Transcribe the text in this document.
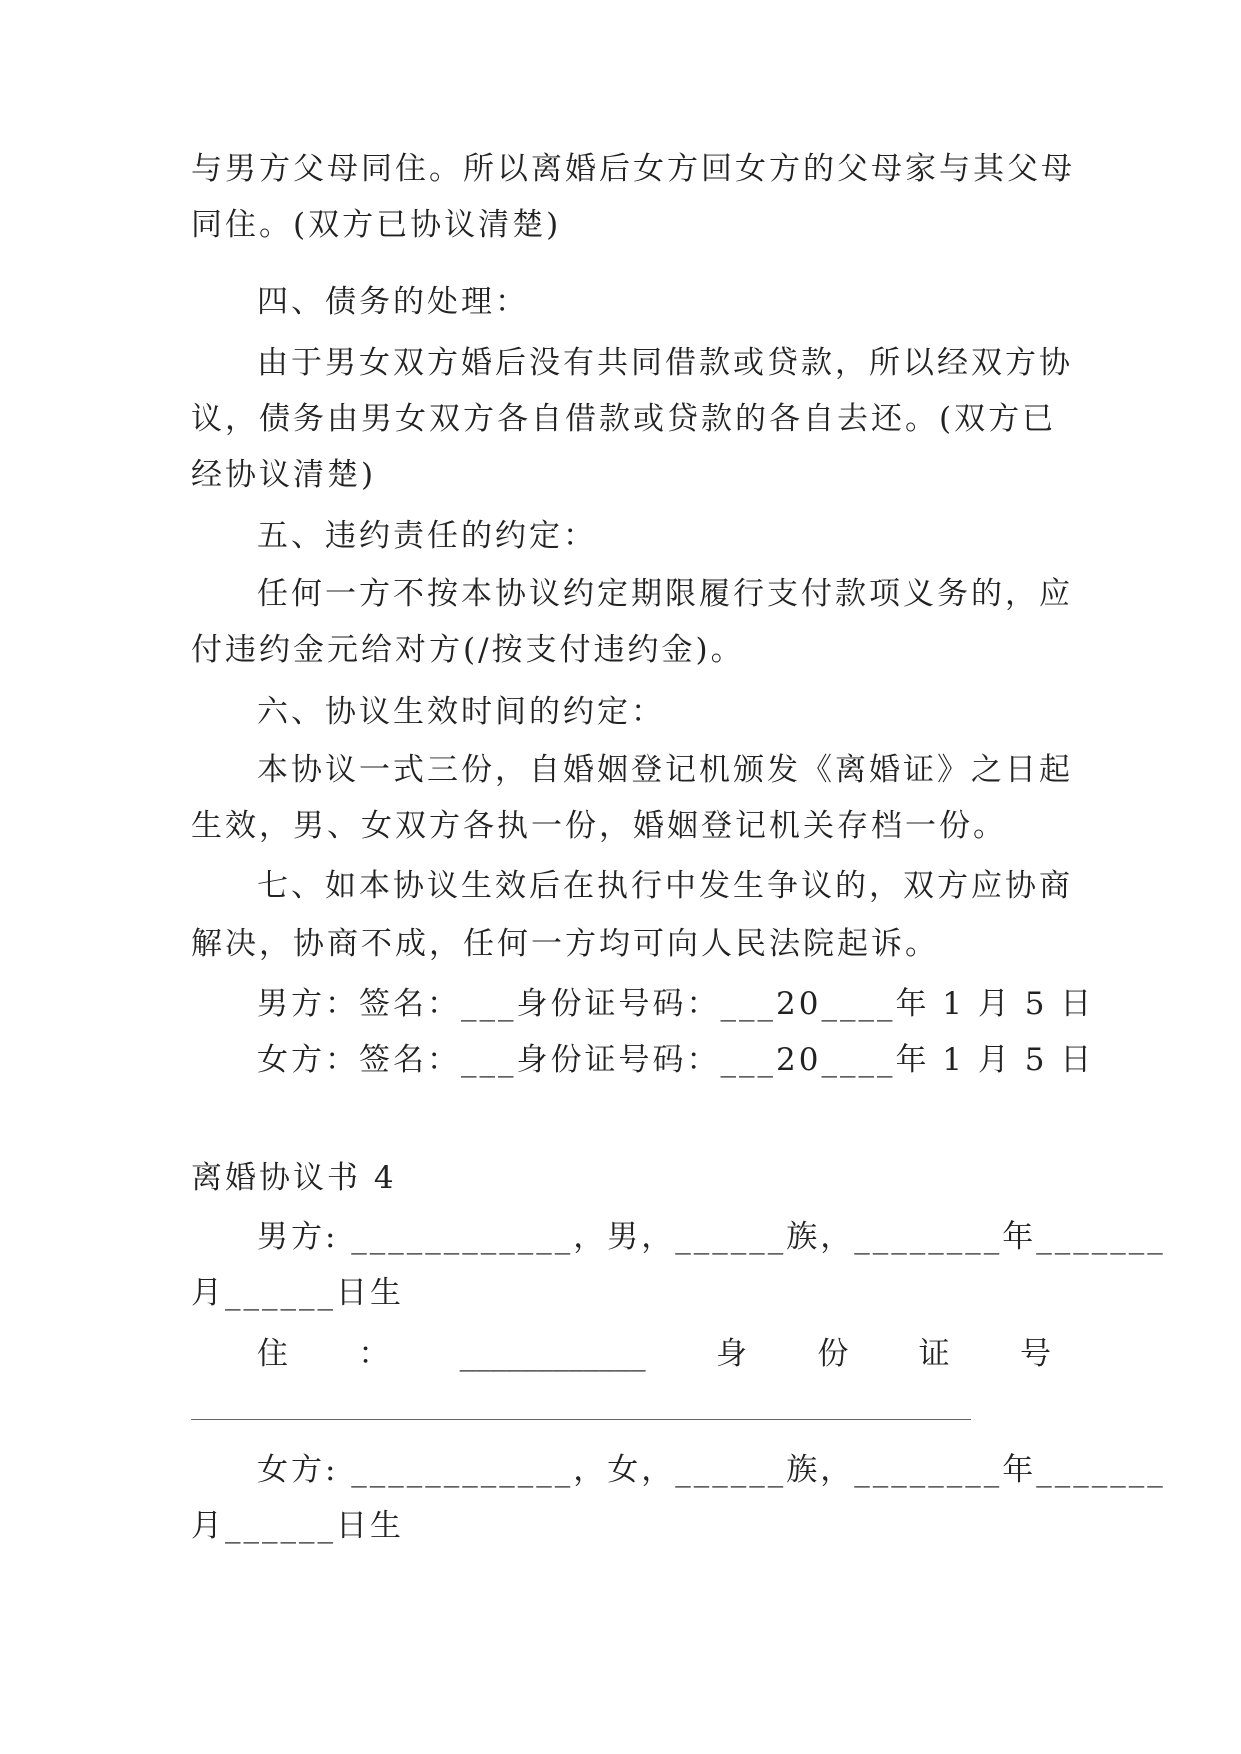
与男方父母同住。所以离婚后女方回女方的父母家与其父母
同住。(双方已协议清楚)
四、债务的处理：
由于男女双方婚后没有共同借款或贷款，所以经双方协
议，债务由男女双方各自借款或贷款的各自去还。(双方已
经协议清楚)
五、违约责任的约定：
任何一方不按本协议约定期限履行支付款项义务的，应
付违约金元给对方(/按支付违约金)。
六、协议生效时间的约定：
本协议一式三份，自婚姻登记机颁发《离婚证》之日起
生效，男、女双方各执一份，婚姻登记机关存档一份。
七、如本协议生效后在执行中发生争议的，双方应协商
解决，协商不成，任何一方均可向人民法院起诉。
男方：签名：___身份证号码：___20____年 1 月 5 日
女方：签名：___身份证号码：___20____年 1 月 5 日
离婚协议书 4
男方: ____________，男，______族，________年_______
月______日生
住 ： ____________ 身 份 证 号
女方: ____________，女，______族，________年_______
月______日生
